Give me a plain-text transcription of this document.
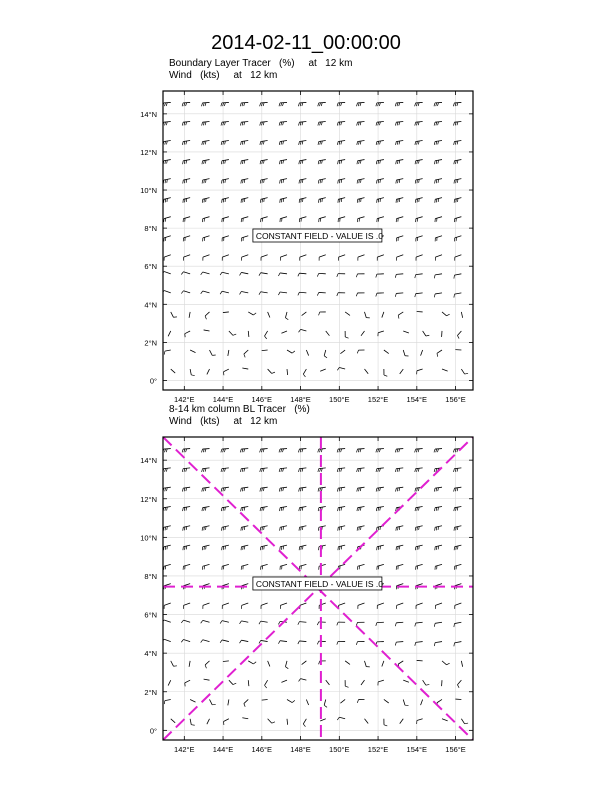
2014-02-11_00:00:00
Boundary Layer Tracer   (%)     at   12 km
Wind   (kts)     at   12 km
8-14 km column BL Tracer   (%)
Wind   (kts)     at   12 km
CONSTANT FIELD - VALUE IS .0
142°E 144°E 146°E 148°E 150°E 152°E 154°E 156°E
0°
2°N
4°N
6°N
8°N
10°N
12°N
14°N
CONSTANT FIELD - VALUE IS .0
142°E 144°E 146°E 148°E 150°E 152°E 154°E 156°E
0°
2°N
4°N
6°N
8°N
10°N
12°N
14°N
